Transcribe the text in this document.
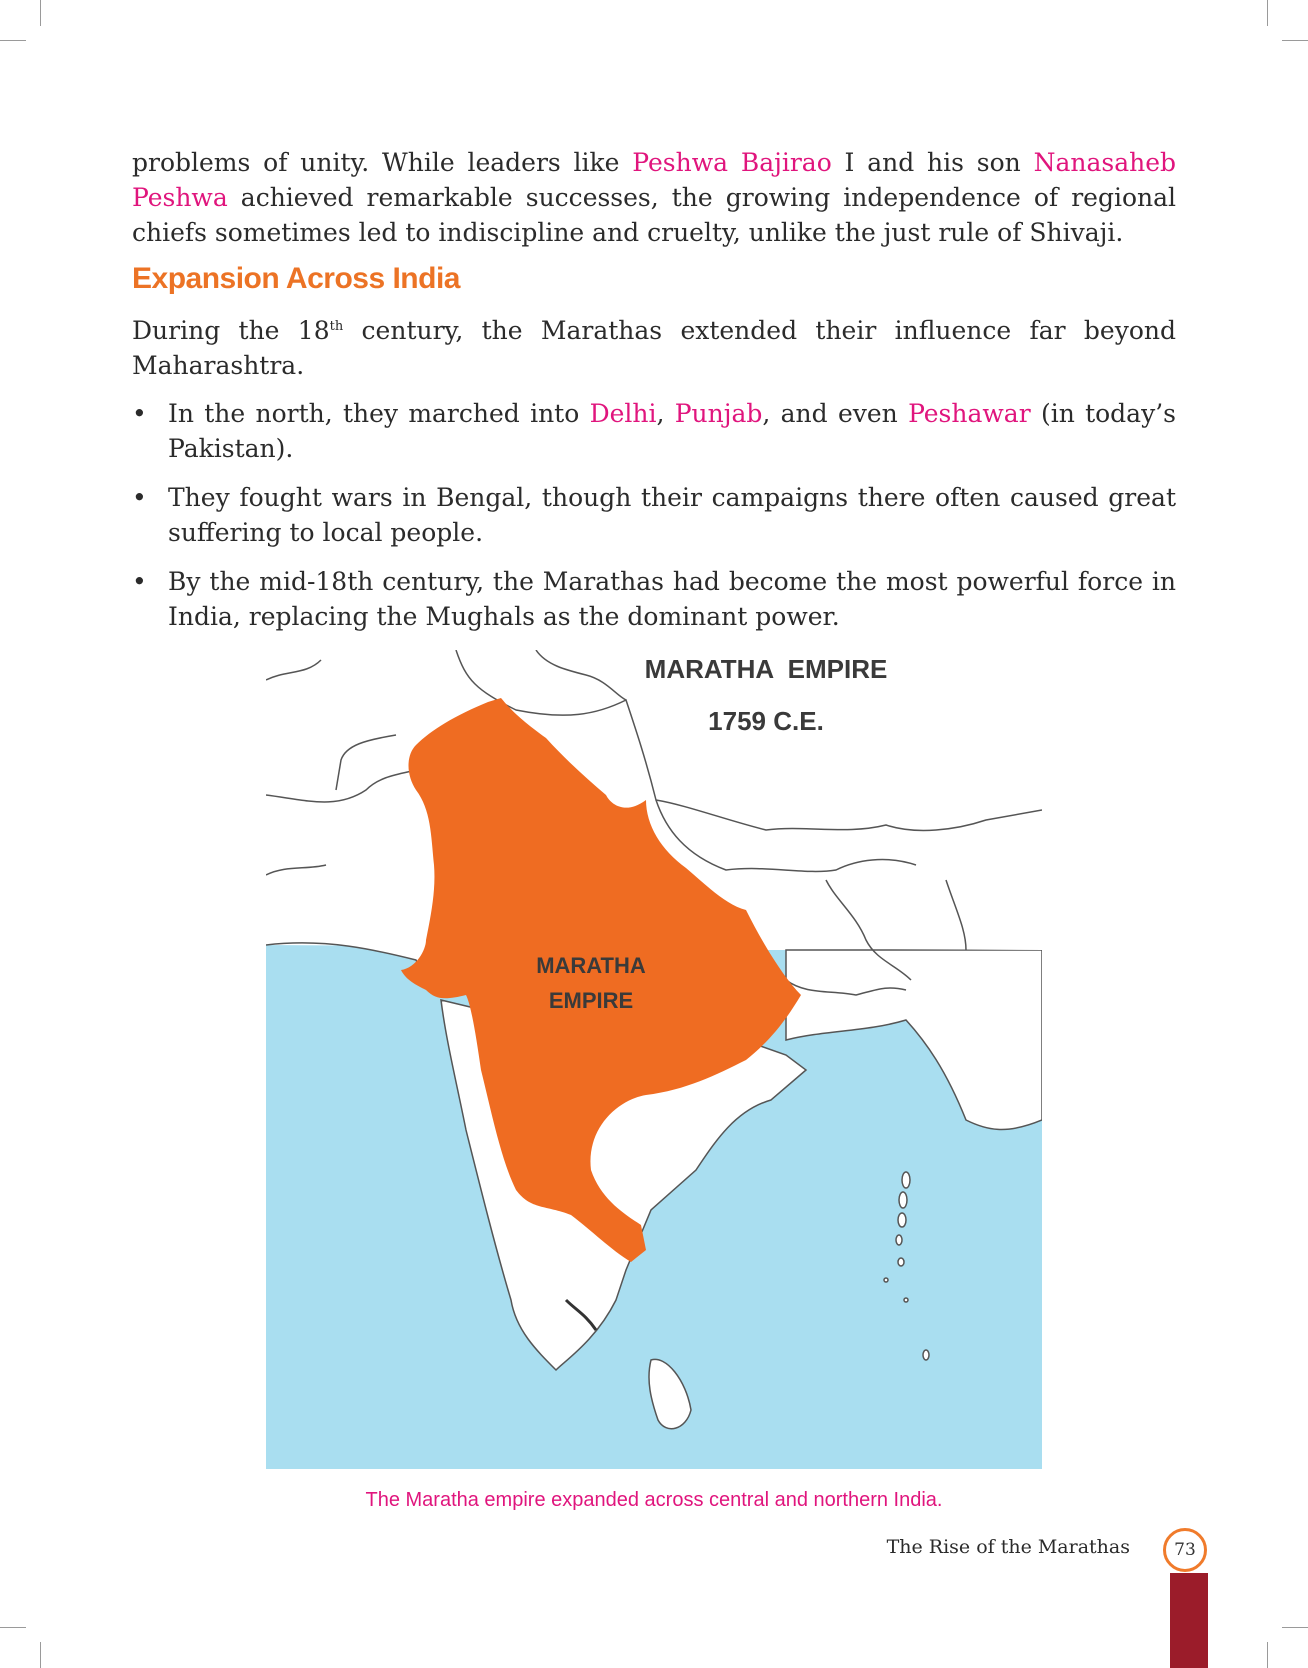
problems of unity. While leaders like Peshwa Bajirao I and his son Nanasaheb Peshwa achieved remarkable successes, the growing independence of regional chiefs sometimes led to indiscipline and cruelty, unlike the just rule of Shivaji.

Expansion Across India

During the 18th century, the Marathas extended their influence far beyond Maharashtra.

• In the north, they marched into Delhi, Punjab, and even Peshawar (in today’s Pakistan).
• They fought wars in Bengal, though their campaigns there often caused great suffering to local people.
• By the mid-18th century, the Marathas had become the most powerful force in India, replacing the Mughals as the dominant power.
MARATHA  EMPIRE
1759 C.E.
MARATHA
EMPIRE
The Maratha empire expanded across central and northern India.
The Rise of the Marathas	73
